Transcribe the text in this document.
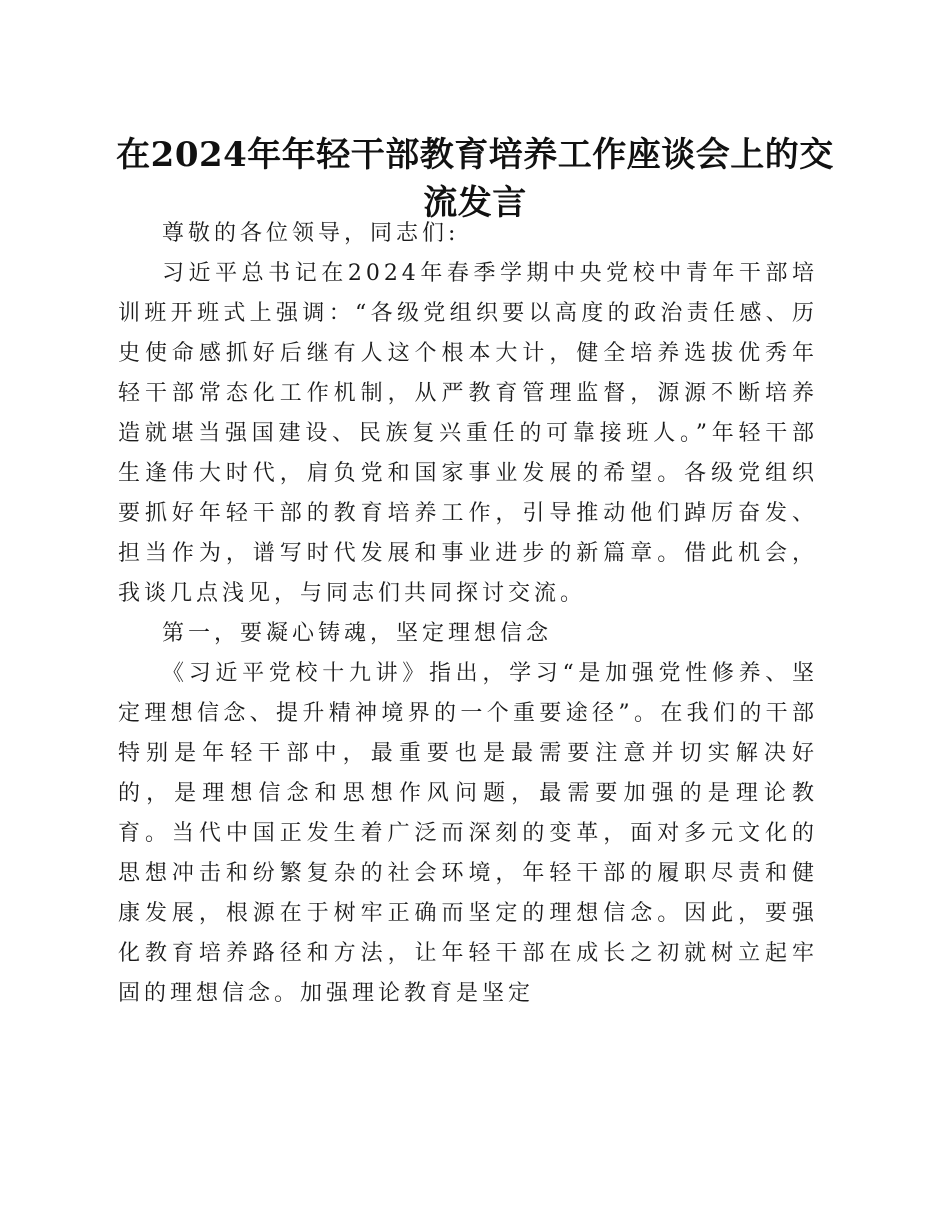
在2024年年轻干部教育培养工作座谈会上的交流发言

尊敬的各位领导，同志们:

习近平总书记在2024年春季学期中央党校中青年干部培训班开班式上强调：“各级党组织要以高度的政治责任感、历史使命感抓好后继有人这个根本大计，健全培养选拔优秀年轻干部常态化工作机制，从严教育管理监督，源源不断培养造就堪当强国建设、民族复兴重任的可靠接班人。”年轻干部生逢伟大时代，肩负党和国家事业发展的希望。各级党组织要抓好年轻干部的教育培养工作，引导推动他们踔厉奋发、担当作为，谱写时代发展和事业进步的新篇章。借此机会，我谈几点浅见，与同志们共同探讨交流。

第一，要凝心铸魂，坚定理想信念

《习近平党校十九讲》指出，学习“是加强党性修养、坚定理想信念、提升精神境界的一个重要途径”。在我们的干部特别是年轻干部中，最重要也是最需要注意并切实解决好的，是理想信念和思想作风问题，最需要加强的是理论教育。当代中国正发生着广泛而深刻的变革，面对多元文化的思想冲击和纷繁复杂的社会环境，年轻干部的履职尽责和健康发展，根源在于树牢正确而坚定的理想信念。因此，要强化教育培养路径和方法，让年轻干部在成长之初就树立起牢固的理想信念。加强理论教育是坚定
